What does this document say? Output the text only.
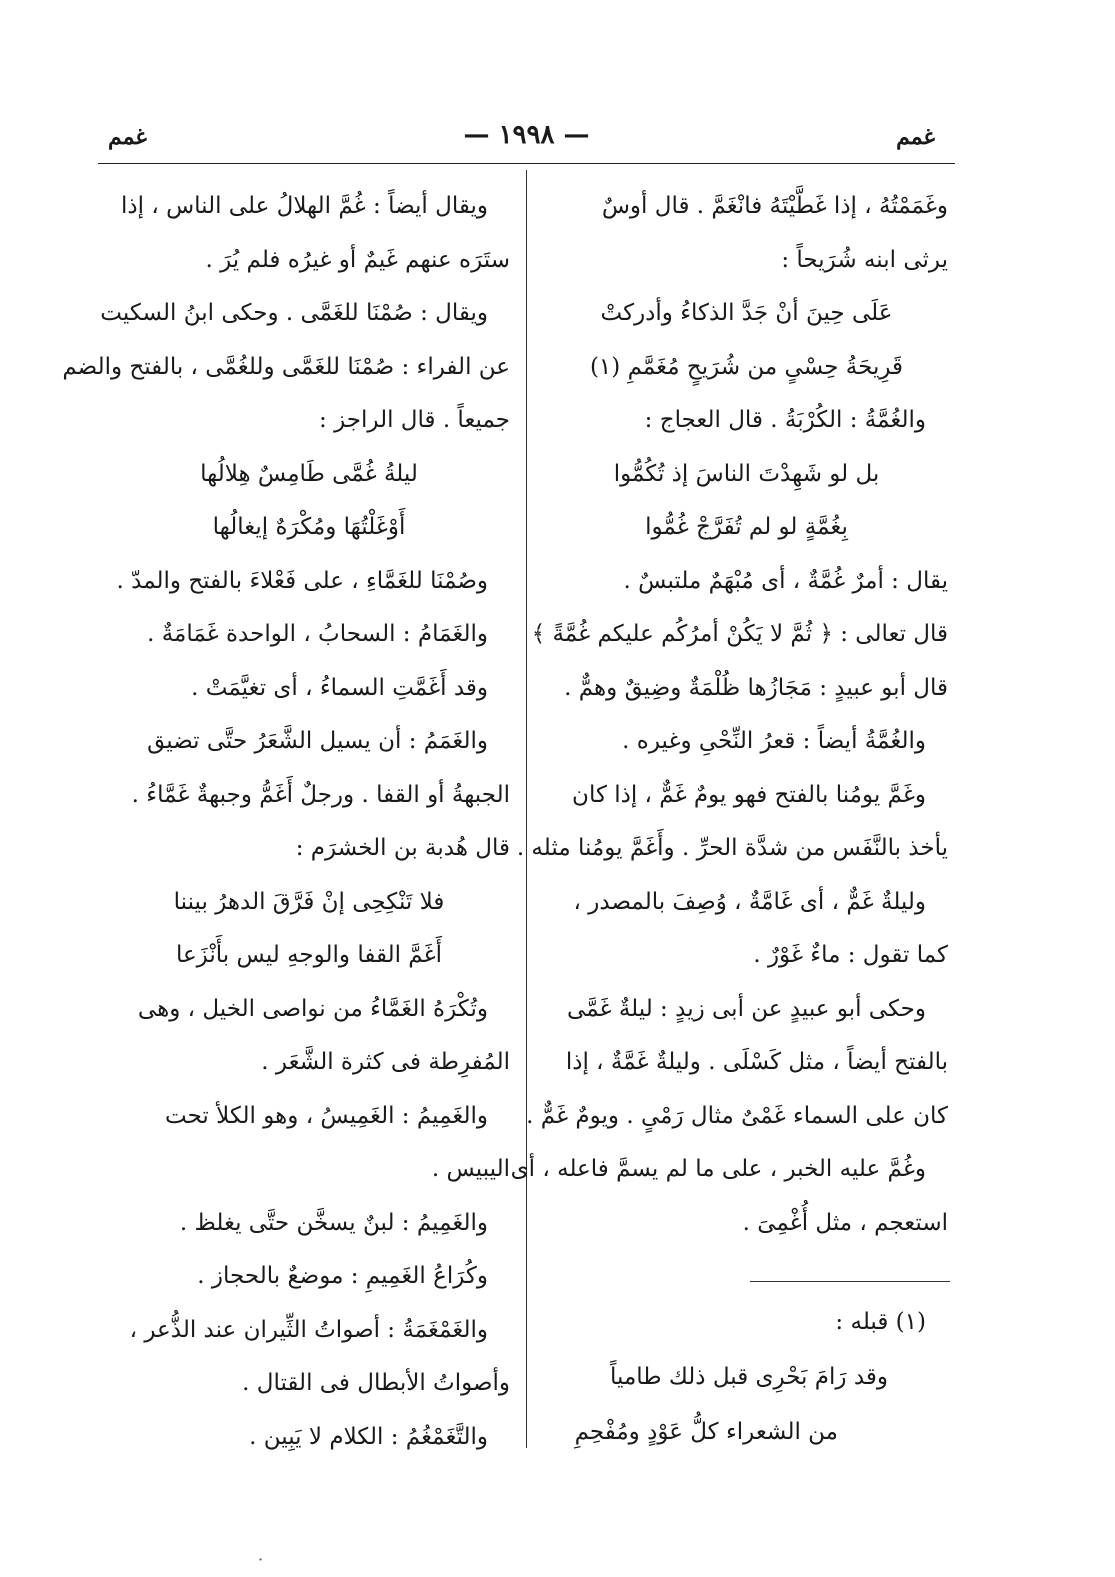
غمم
— ١٩٩٨ —
غمم
وغَمَمْتُهُ ، إذا غَطَّيْتَهُ فانْغَمَّ . قال أوسٌ
يرثى ابنه شُرَيحاً :
عَلَى حِينَ أنْ جَدَّ الذكاءُ وأدركتْ
قَرِيحَةُ حِسْىٍ من شُرَيحٍ مُغَمَّمِ (١)
والغُمَّةُ : الكُرْبَةُ . قال العجاج :
بل لو شَهِدْتَ الناسَ إذ تُكُمُّوا
بِغُمَّةٍ لو لم تُفَرَّجْ غُمُّوا
يقال : أمرٌ غُمَّةٌ ، أى مُبْهَمٌ ملتبسٌ .
قال تعالى : ﴿ ثُمَّ لا يَكُنْ أمرُكُم عليكم غُمَّةً ﴾
قال أبو عبيدٍ : مَجَازُها ظُلْمَةٌ وضِيقٌ وهمٌّ .
والغُمَّةُ أيضاً : قعرُ النِّحْىِ وغيره .
وغَمَّ يومُنا بالفتح فهو يومٌ غَمٌّ ، إذا كان
يأخذ بالنَّفَس من شدَّة الحرِّ . وأَغَمَّ يومُنا مثله .
وليلةٌ غَمٌّ ، أى غَامَّةٌ ، وُصِفَ بالمصدر ،
كما تقول : ماءٌ غَوْرٌ .
وحكى أبو عبيدٍ عن أبى زيدٍ : ليلةٌ غَمَّى
بالفتح أيضاً ، مثل كَسْلَى . وليلةٌ غَمَّةٌ ، إذا
كان على السماء غَمْىٌ مثال رَمْىٍ . ويومٌ غَمٌّ .
وغُمَّ عليه الخبر ، على ما لم يسمَّ فاعله ، أى
استعجم ، مثل أُغْمِىَ .
ويقال أيضاً : غُمَّ الهلالُ على الناس ، إذا
ستَرَه عنهم غَيمٌ أو غيرُه فلم يُرَ .
ويقال : صُمْنَا للغَمَّى . وحكى ابنُ السكيت
عن الفراء : صُمْنَا للغَمَّى وللغُمَّى ، بالفتح والضم
جميعاً . قال الراجز :
ليلةُ غُمَّى طَامِسٌ هِلالُها
أَوْغَلْتُهَا ومُكْرَهٌ إيغالُها
وصُمْنَا للغَمَّاءِ ، على فَعْلاءَ بالفتح والمدّ .
والغَمَامُ : السحابُ ، الواحدة غَمَامَةٌ .
وقد أَغَمَّتِ السماءُ ، أى تغيَّمَتْ .
والغَمَمُ : أن يسيل الشَّعَرُ حتَّى تضيق
الجبهةُ أو القفا . ورجلٌ أَغَمُّ وجبهةٌ غَمَّاءُ .
قال هُدبة بن الخشرَم :
فلا تَنْكِحِى إنْ فَرَّقَ الدهرُ بيننا
أَغَمَّ القفا والوجهِ ليس بأَنْزَعا
وتُكْرَهُ الغَمَّاءُ من نواصى الخيل ، وهى
المُفرِطة فى كثرة الشَّعَر .
والغَمِيمُ : الغَمِيسُ ، وهو الكلأ تحت
اليبيس .
والغَمِيمُ : لبنٌ يسخَّن حتَّى يغلظ .
وكُرَاعُ الغَمِيمِ : موضعٌ بالحجاز .
والغَمْغَمَةُ : أصواتُ الثِّيران عند الذُّعر ،
وأصواتُ الأبطال فى القتال .
والتَّغَمْغُمُ : الكلام لا يَبِين .
(١) قبله :
وقد رَامَ بَحْرِى قبل ذلك طامياً
من الشعراء كلُّ عَوْدٍ ومُفْحِمِ
·
